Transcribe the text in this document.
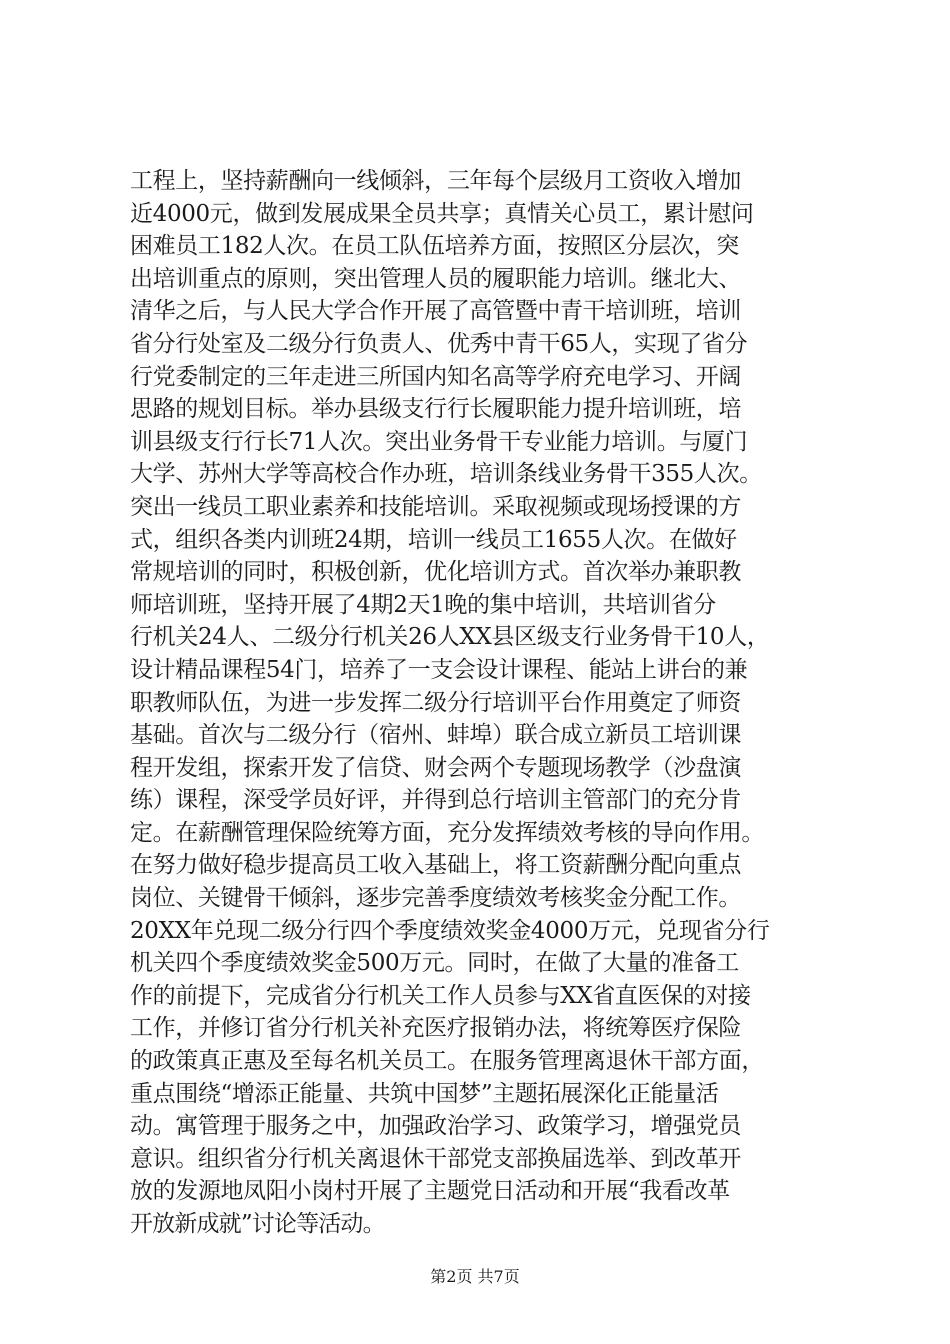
工程上，坚持薪酬向一线倾斜，三年每个层级月工资收入增加
近4000元，做到发展成果全员共享；真情关心员工，累计慰问
困难员工182人次。在员工队伍培养方面，按照区分层次，突
出培训重点的原则，突出管理人员的履职能力培训。继北大、
清华之后，与人民大学合作开展了高管暨中青干培训班，培训
省分行处室及二级分行负责人、优秀中青干65人，实现了省分
行党委制定的三年走进三所国内知名高等学府充电学习、开阔
思路的规划目标。举办县级支行行长履职能力提升培训班，培
训县级支行行长71人次。突出业务骨干专业能力培训。与厦门
大学、苏州大学等高校合作办班，培训条线业务骨干355人次。
突出一线员工职业素养和技能培训。采取视频或现场授课的方
式，组织各类内训班24期，培训一线员工1655人次。在做好
常规培训的同时，积极创新，优化培训方式。首次举办兼职教
师培训班，坚持开展了4期2天1晚的集中培训，共培训省分
行机关24人、二级分行机关26人XX县区级支行业务骨干10人，
设计精品课程54门，培养了一支会设计课程、能站上讲台的兼
职教师队伍，为进一步发挥二级分行培训平台作用奠定了师资
基础。首次与二级分行（宿州、蚌埠）联合成立新员工培训课
程开发组，探索开发了信贷、财会两个专题现场教学（沙盘演
练）课程，深受学员好评，并得到总行培训主管部门的充分肯
定。在薪酬管理保险统筹方面，充分发挥绩效考核的导向作用。
在努力做好稳步提高员工收入基础上，将工资薪酬分配向重点
岗位、关键骨干倾斜，逐步完善季度绩效考核奖金分配工作。
20XX年兑现二级分行四个季度绩效奖金4000万元，兑现省分行
机关四个季度绩效奖金500万元。同时，在做了大量的准备工
作的前提下，完成省分行机关工作人员参与XX省直医保的对接
工作，并修订省分行机关补充医疗报销办法，将统筹医疗保险
的政策真正惠及至每名机关员工。在服务管理离退休干部方面，
重点围绕“增添正能量、共筑中国梦”主题拓展深化正能量活
动。寓管理于服务之中，加强政治学习、政策学习，增强党员
意识。组织省分行机关离退休干部党支部换届选举、到改革开
放的发源地凤阳小岗村开展了主题党日活动和开展“我看改革
开放新成就”讨论等活动。
第2页 共7页
